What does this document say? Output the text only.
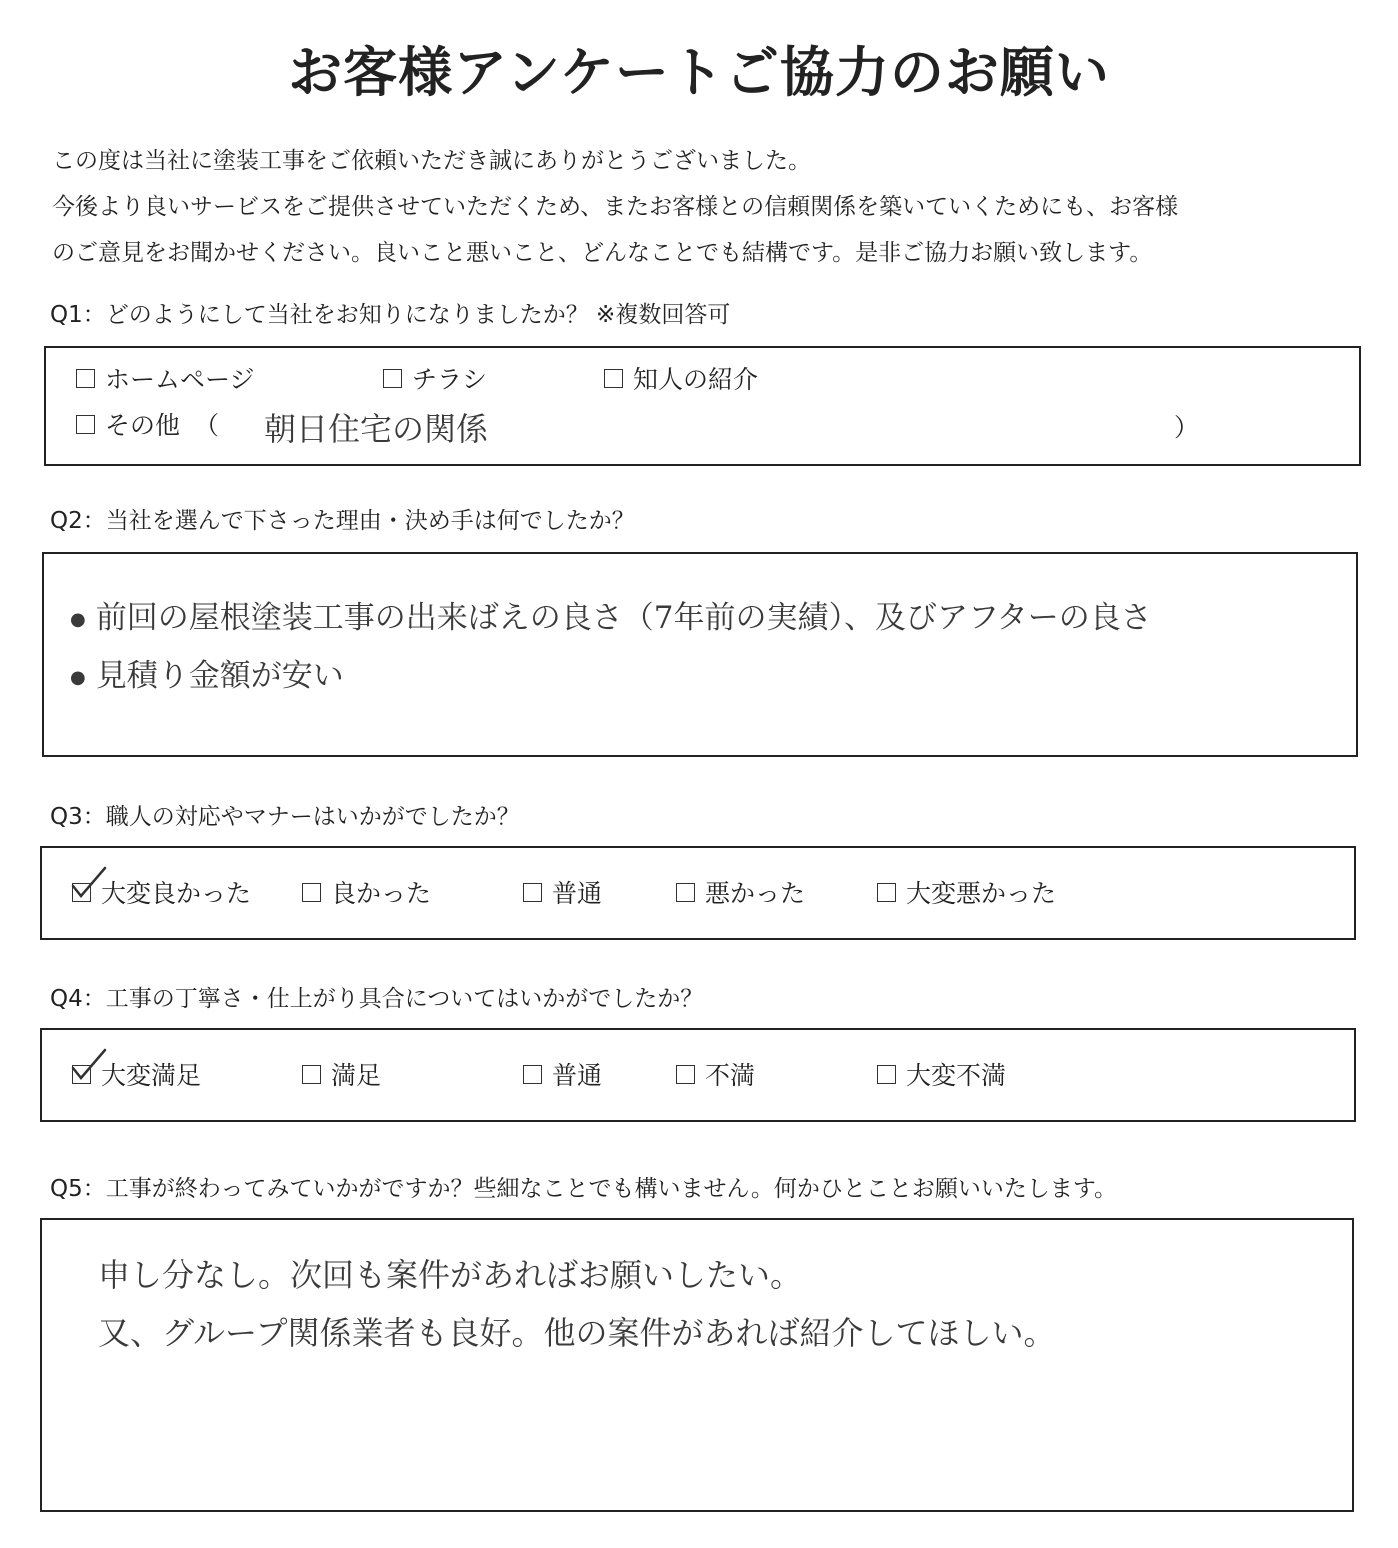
お客様アンケートご協力のお願い

この度は当社に塗装工事をご依頼いただき誠にありがとうございました。

今後より良いサービスをご提供させていただくため、またお客様との信頼関係を築いていくためにも、お客様

のご意見をお聞かせください。良いこと悪いこと、どんなことでも結構です。是非ご協力お願い致します。

Q1：どのようにして当社をお知りになりましたか？ ※複数回答可
ホームページ	チラシ	知人の紹介
その他 （ 朝日住宅の関係	）
Q2：当社を選んで下さった理由・決め手は何でしたか？
● 前回の屋根塗装工事の出来ばえの良さ（7年前の実績）、及びアフターの良さ
● 見積り金額が安い
Q3：職人の対応やマナーはいかがでしたか？
大変良かった	良かった	普通	悪かった	大変悪かった
Q4：工事の丁寧さ・仕上がり具合についてはいかがでしたか？
大変満足	満足	普通	不満	大変不満
Q5：工事が終わってみていかがですか？些細なことでも構いません。何かひとことお願いいたします。
申し分なし。次回も案件があればお願いしたい。
又、グループ関係業者も良好。他の案件があれば紹介してほしい。
